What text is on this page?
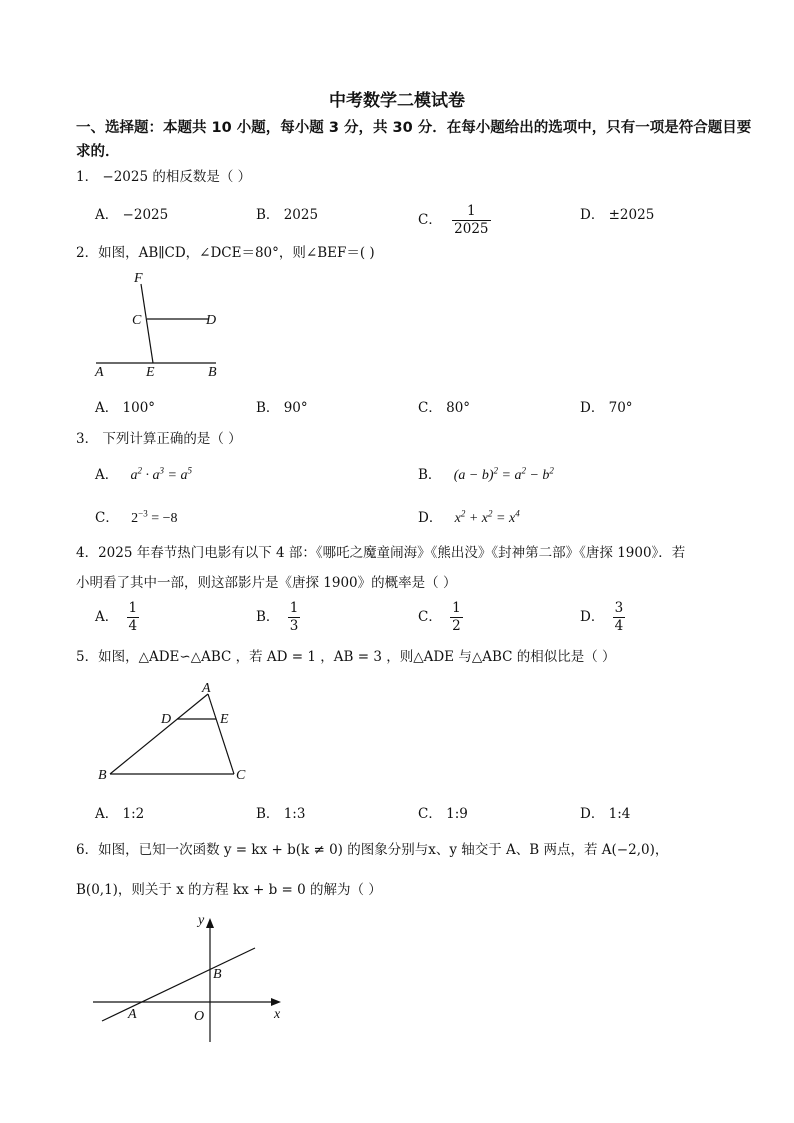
中考数学二模试卷
一、选择题：本题共 10 小题，每小题 3 分，共 30 分．在每小题给出的选项中，只有一项是符合题目要求的．
1． −2025 的相反数是（ ）
A． −2025	B． 2025	C． $\frac{1}{2025}$	D． ±2025
2．如图，AB∥CD，∠DCE＝80°，则∠BEF＝( )
F
C	D
A	E	B
A． 100°	B． 90°	C． 80°	D． 70°
3． 下列计算正确的是（ ）
A． $a^2 \cdot a^3 = a^5$	B． $(a - b)^2 = a^2 - b^2$
C． $2^{-3} = -8$	D． $x^2 + x^2 = x^4$
4．2025 年春节热门电影有以下 4 部：《哪吒之魔童闹海》《熊出没》《封神第二部》《唐探 1900》．若
小明看了其中一部，则这部影片是《唐探 1900》的概率是（ ）
A． $\frac{1}{4}$	B． $\frac{1}{3}$	C． $\frac{1}{2}$	D． $\frac{3}{4}$
5．如图，△ADE∽△ABC ，若 AD = 1 ，AB = 3 ，则△ADE 与△ABC 的相似比是（ ）
A
D	E
B	C
A． 1:2	B． 1:3	C． 1:9	D． 1:4
6．如图，已知一次函数 y = kx + b(k ≠ 0) 的图象分别与x、y 轴交于 A、B 两点，若 A(−2,0)，
B(0,1)，则关于 x 的方程 kx + b = 0 的解为（ ）
y
x
B
A	O
